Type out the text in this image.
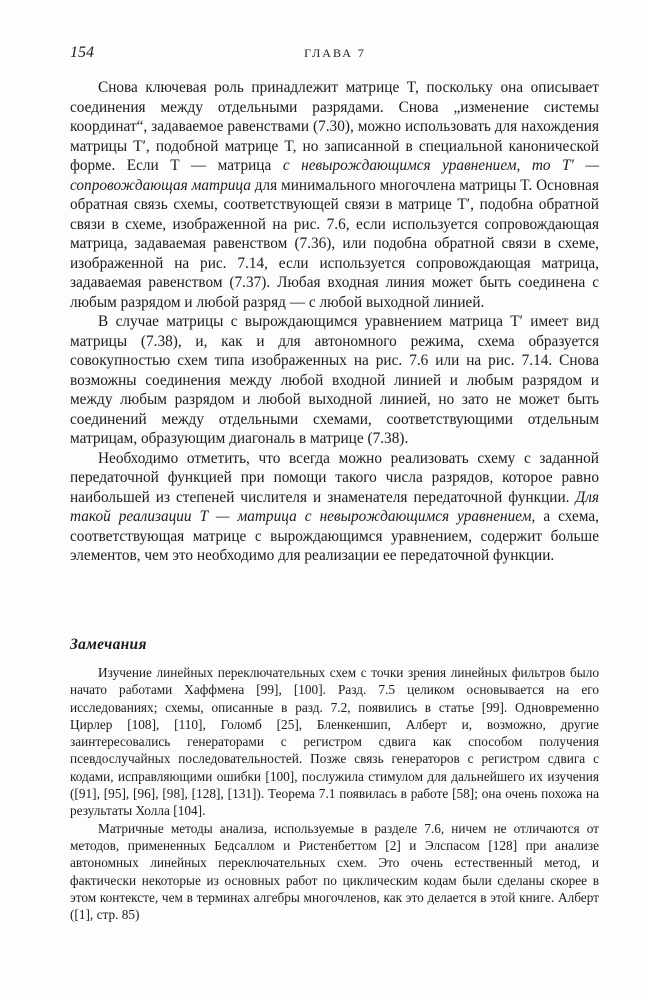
154	ГЛАВА 7

Снова ключевая роль принадлежит матрице T, поскольку она описывает соединения между отдельными разрядами. Снова „изменение системы координат“, задаваемое равенствами (7.30), можно использовать для нахождения матрицы T′, подобной матрице T, но записанной в специальной канонической форме. Если T — матрица с невырождающимся уравнением, то T′ — сопровождающая матрица для минимального многочлена матрицы T. Основная обратная связь схемы, соответствующей связи в матрице T′, подобна обратной связи в схеме, изображенной на рис. 7.6, если используется сопровождающая матрица, задаваемая равенством (7.36), или подобна обратной связи в схеме, изображенной на рис. 7.14, если используется сопровождающая матрица, задаваемая равенством (7.37). Любая входная линия может быть соединена с любым разрядом и любой разряд — с любой выходной линией.

В случае матрицы с вырождающимся уравнением матрица T′ имеет вид матрицы (7.38), и, как и для автономного режима, схема образуется совокупностью схем типа изображенных на рис. 7.6 или на рис. 7.14. Снова возможны соединения между любой входной линией и любым разрядом и между любым разрядом и любой выходной линией, но зато не может быть соединений между отдельными схемами, соответствующими отдельным матрицам, образующим диагональ в матрице (7.38).

Необходимо отметить, что всегда можно реализовать схему с заданной передаточной функцией при помощи такого числа разрядов, которое равно наибольшей из степеней числителя и знаменателя передаточной функции. Для такой реализации T — матрица с невырождающимся уравнением, а схема, соответствующая матрице с вырождающимся уравнением, содержит больше элементов, чем это необходимо для реализации ее передаточной функции.

Замечания

Изучение линейных переключательных схем с точки зрения линейных фильтров было начато работами Хаффмена [99], [100]. Разд. 7.5 целиком основывается на его исследованиях; схемы, описанные в разд. 7.2, появились в статье [99]. Одновременно Цирлер [108], [110], Голомб [25], Бленкеншип, Алберт и, возможно, другие заинтересовались генераторами с регистром сдвига как способом получения псевдослучайных последовательностей. Позже связь генераторов с регистром сдвига с кодами, исправляющими ошибки [100], послужила стимулом для дальнейшего их изучения ([91], [95], [96], [98], [128], [131]). Теорема 7.1 появилась в работе [58]; она очень похожа на результаты Холла [104].

Матричные методы анализа, используемые в разделе 7.6, ничем не отличаются от методов, примененных Бедсаллом и Ристенбеттом [2] и Элспасом [128] при анализе автономных линейных переключательных схем. Это очень естественный метод, и фактически некоторые из основных работ по циклическим кодам были сделаны скорее в этом контексте, чем в терминах алгебры многочленов, как это делается в этой книге. Алберт ([1], стр. 85)
